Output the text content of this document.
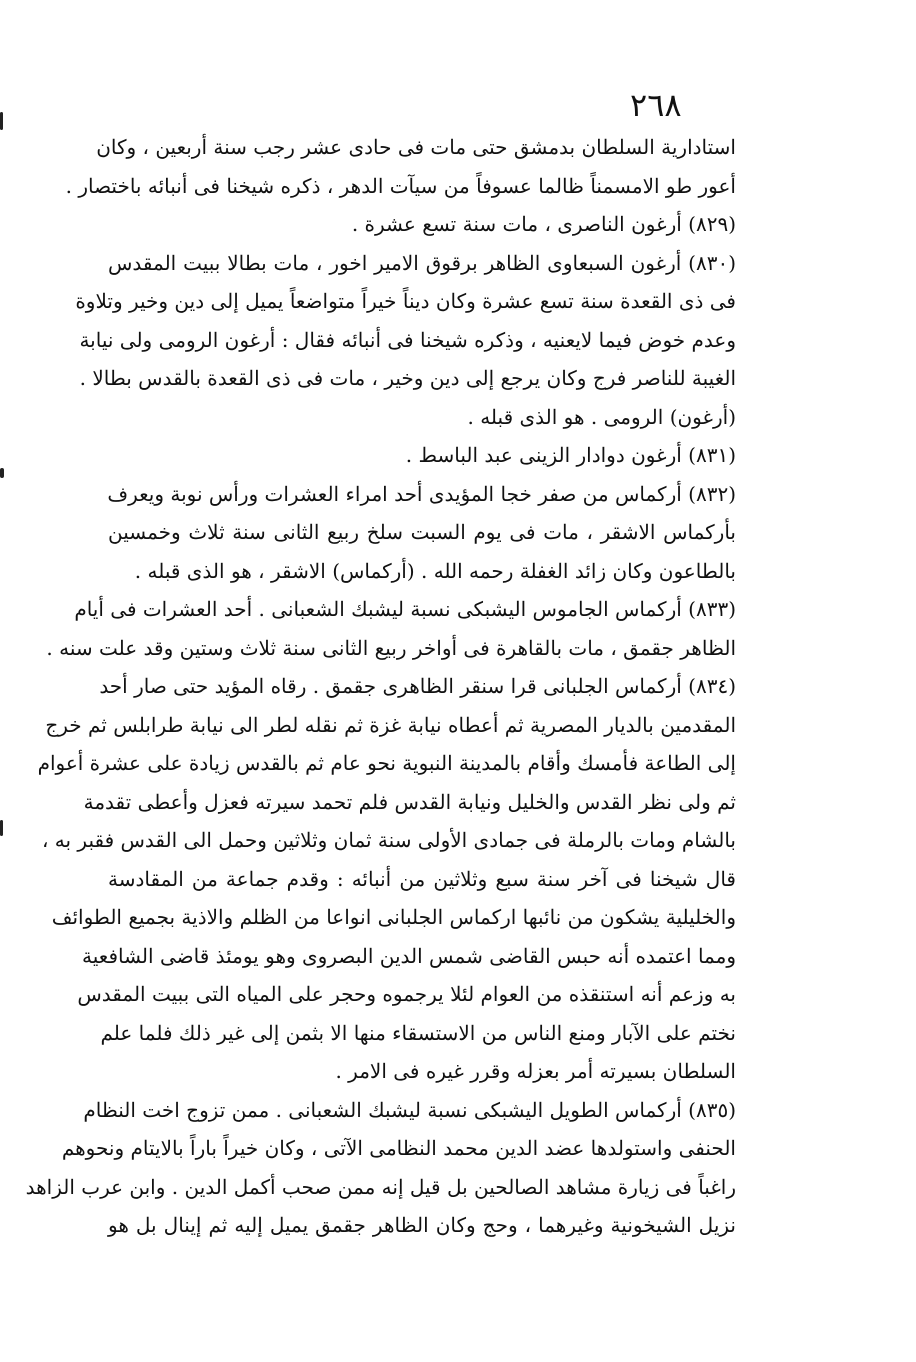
٢٦٨
استادارية السلطان بدمشق حتى مات فى حادى عشر رجب سنة أربعين ، وكان
أعور طو الامسمناً ظالما عسوفاً من سيآت الدهر ، ذكره شيخنا فى أنبائه باختصار .
(٨٢٩) أرغون الناصرى ، مات سنة تسع عشرة .
(٨٣٠) أرغون السبعاوى الظاهر برقوق الامير اخور ، مات بطالا ببيت المقدس
فى ذى القعدة سنة تسع عشرة وكان ديناً خيراً متواضعاً يميل إلى دين وخير وتلاوة
وعدم خوض فيما لايعنيه ، وذكره شيخنا فى أنبائه فقال : أرغون الرومى ولى نيابة
الغيبة للناصر فرج وكان يرجع إلى دين وخير ، مات فى ذى القعدة بالقدس بطالا .
(أرغون) الرومى . هو الذى قبله .
(٨٣١) أرغون دوادار الزينى عبد الباسط .
(٨٣٢) أركماس من صفر خجا المؤيدى أحد امراء العشرات ورأس نوبة ويعرف
بأركماس الاشقر ، مات فى يوم السبت سلخ ربيع الثانى سنة ثلاث وخمسين
بالطاعون وكان زائد الغفلة رحمه الله . (أركماس) الاشقر ، هو الذى قبله .
(٨٣٣) أركماس الجاموس اليشبكى نسبة ليشبك الشعبانى . أحد العشرات فى أيام
الظاهر جقمق ، مات بالقاهرة فى أواخر ربيع الثانى سنة ثلاث وستين وقد علت سنه .
(٨٣٤) أركماس الجلبانى قرا سنقر الظاهرى جقمق . رقاه المؤيد حتى صار أحد
المقدمين بالديار المصرية ثم أعطاه نيابة غزة ثم نقله لطر الى نيابة طرابلس ثم خرج
إلى الطاعة فأمسك وأقام بالمدينة النبوية نحو عام ثم بالقدس زيادة على عشرة أعوام
ثم ولى نظر القدس والخليل ونيابة القدس فلم تحمد سيرته فعزل وأعطى تقدمة
بالشام ومات بالرملة فى جمادى الأولى سنة ثمان وثلاثين وحمل الى القدس فقبر به ،
قال شيخنا فى آخر سنة سبع وثلاثين من أنبائه : وقدم جماعة من المقادسة
والخليلية يشكون من نائبها اركماس الجلبانى انواعا من الظلم والاذية بجميع الطوائف
ومما اعتمده أنه حبس القاضى شمس الدين البصروى وهو يومئذ قاضى الشافعية
به وزعم أنه استنقذه من العوام لئلا يرجموه وحجر على المياه التى ببيت المقدس
نختم على الآبار ومنع الناس من الاستسقاء منها الا بثمن إلى غير ذلك فلما علم
السلطان بسيرته أمر بعزله وقرر غيره فى الامر .
(٨٣٥) أركماس الطويل اليشبكى نسبة ليشبك الشعبانى . ممن تزوج اخت النظام
الحنفى واستولدها عضد الدين محمد النظامى الآتى ، وكان خيراً باراً بالايتام ونحوهم
راغباً فى زيارة مشاهد الصالحين بل قيل إنه ممن صحب أكمل الدين . وابن عرب الزاهد
نزيل الشيخونية وغيرهما ، وحج وكان الظاهر جقمق يميل إليه ثم إينال بل هو
